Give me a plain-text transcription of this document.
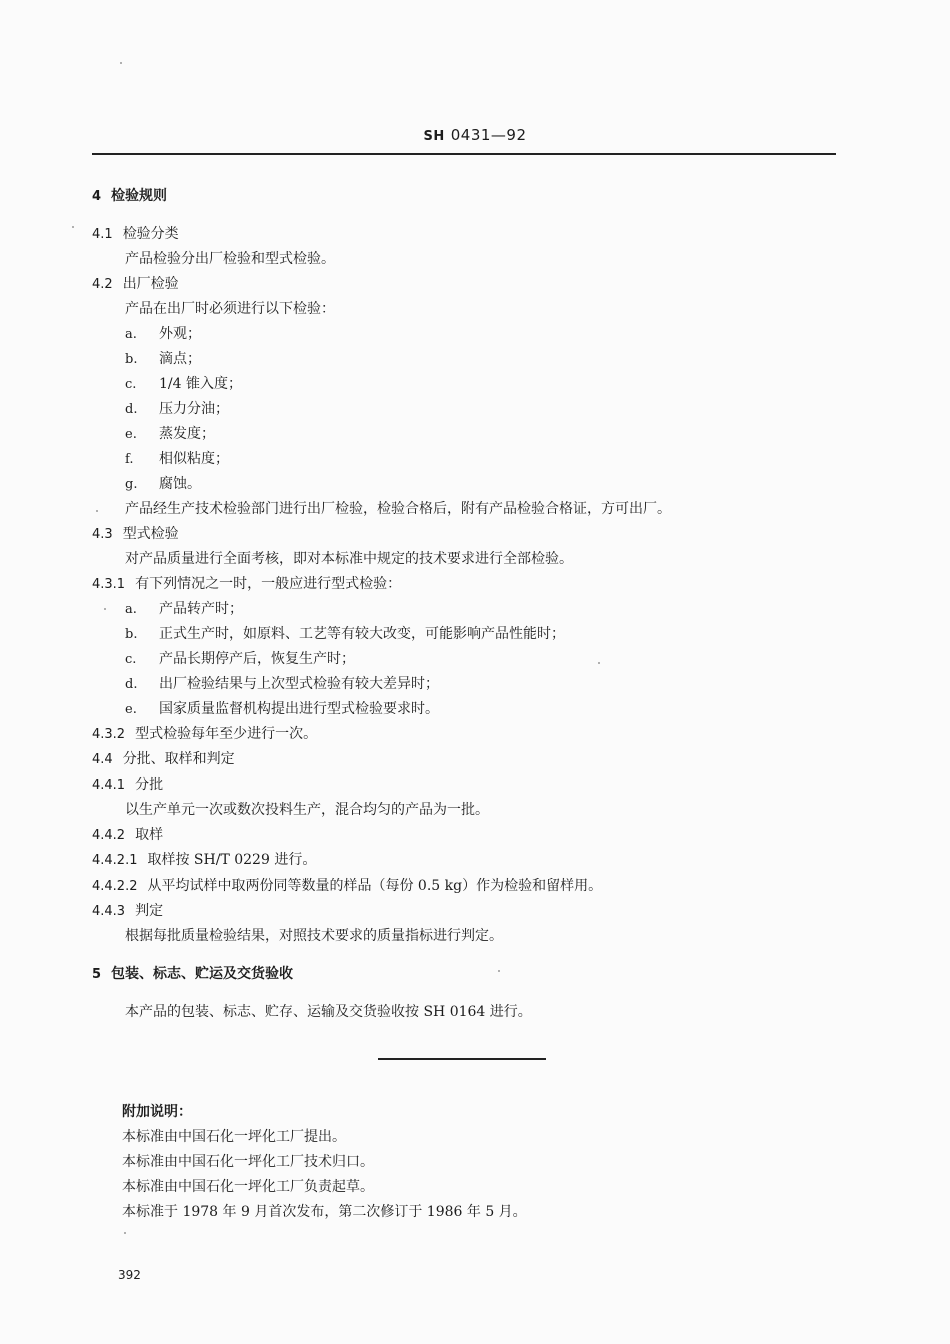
SH 0431—92
4 检验规则
4.1 检验分类
产品检验分出厂检验和型式检验。
4.2 出厂检验
产品在出厂时必须进行以下检验：
a. 外观；
b. 滴点；
c. 1/4 锥入度；
d. 压力分油；
e. 蒸发度；
f. 相似粘度；
g. 腐蚀。
产品经生产技术检验部门进行出厂检验，检验合格后，附有产品检验合格证，方可出厂。
4.3 型式检验
对产品质量进行全面考核，即对本标准中规定的技术要求进行全部检验。
4.3.1 有下列情况之一时，一般应进行型式检验：
a. 产品转产时；
b. 正式生产时，如原料、工艺等有较大改变，可能影响产品性能时；
c. 产品长期停产后，恢复生产时；
d. 出厂检验结果与上次型式检验有较大差异时；
e. 国家质量监督机构提出进行型式检验要求时。
4.3.2 型式检验每年至少进行一次。
4.4 分批、取样和判定
4.4.1 分批
以生产单元一次或数次投料生产，混合均匀的产品为一批。
4.4.2 取样
4.4.2.1 取样按 SH/T 0229 进行。
4.4.2.2 从平均试样中取两份同等数量的样品（每份 0.5 kg）作为检验和留样用。
4.4.3 判定
根据每批质量检验结果，对照技术要求的质量指标进行判定。
5 包装、标志、贮运及交货验收
本产品的包装、标志、贮存、运输及交货验收按 SH 0164 进行。
附加说明：
本标准由中国石化一坪化工厂提出。
本标准由中国石化一坪化工厂技术归口。
本标准由中国石化一坪化工厂负责起草。
本标准于 1978 年 9 月首次发布，第二次修订于 1986 年 5 月。
392
